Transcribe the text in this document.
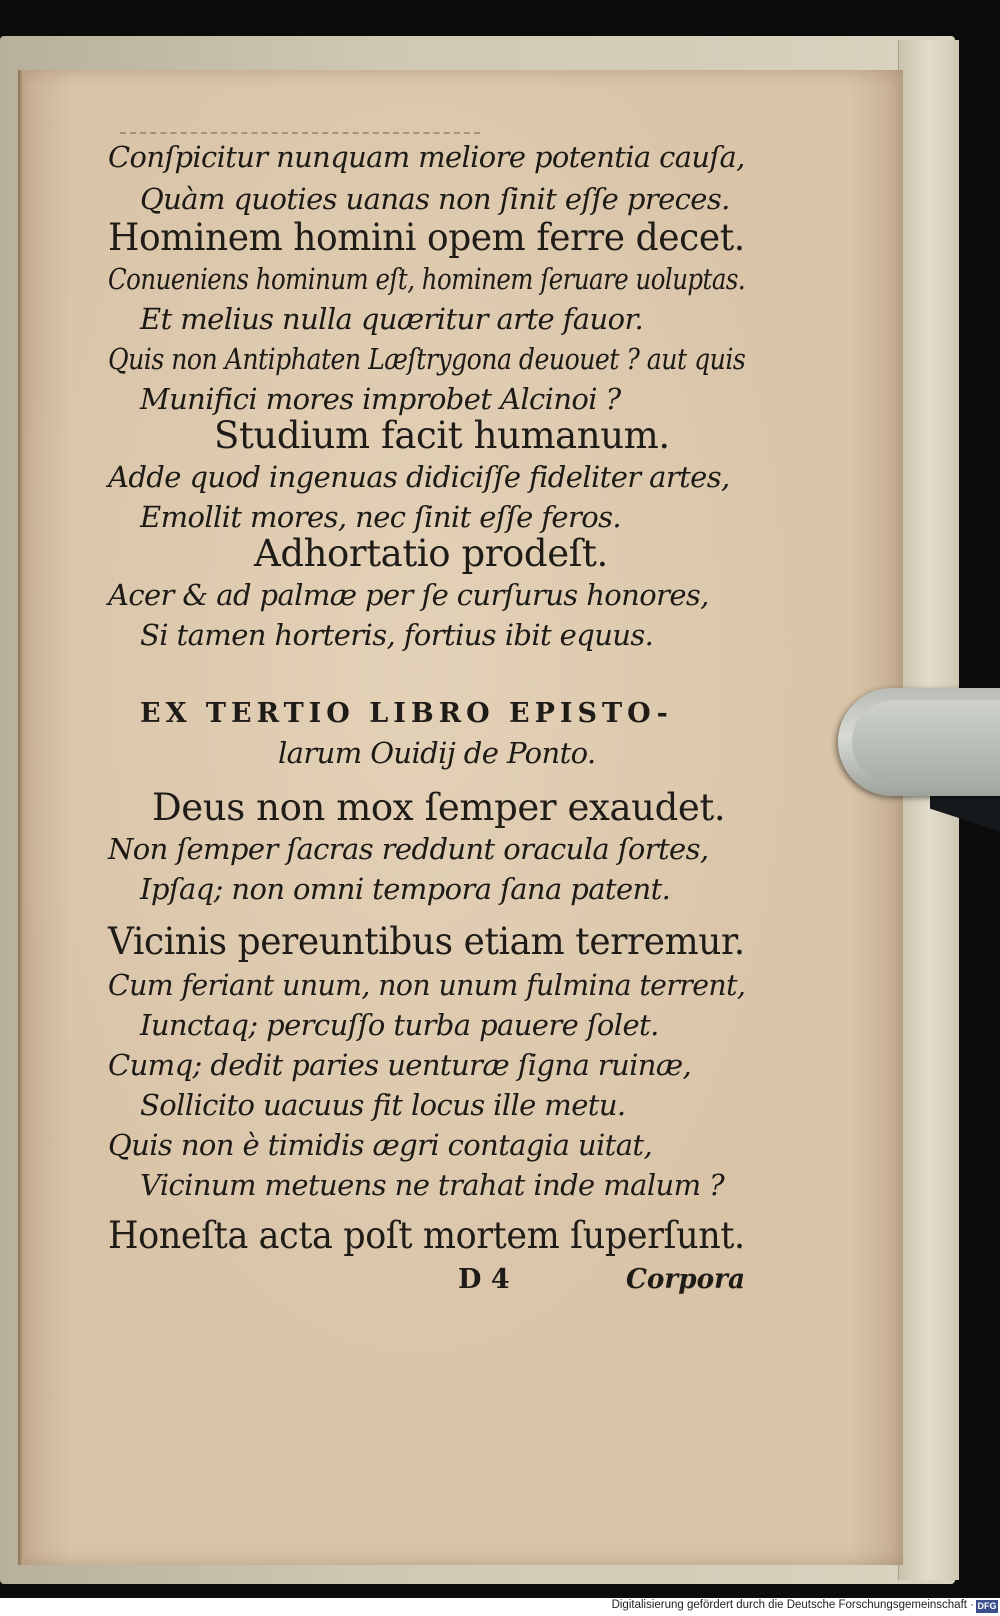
Conſpicitur nunquam meliore potentia cauſa,
Quàm quoties uanas non ſinit eſſe preces.
Hominem homini opem ferre decet.
Conueniens hominum eſt, hominem ſeruare uoluptas.
Et melius nulla quæritur arte fauor.
Quis non Antiphaten Læſtrygona deuouet ? aut quis
Munifici mores improbet Alcinoi ?
Studium facit humanum.
Adde quod ingenuas didiciſſe fideliter artes,
Emollit mores, nec ſinit eſſe feros.
Adhortatio prodeſt.
Acer & ad palmæ per ſe curſurus honores,
Si tamen horteris, fortius ibit equus.
EX TERTIO LIBRO EPISTO-
larum Ouidij de Ponto.
Deus non mox ſemper exaudet.
Non ſemper ſacras reddunt oracula ſortes,
Ipſaq; non omni tempora ſana patent.
Vicinis pereuntibus etiam terremur.
Cum feriant unum, non unum fulmina terrent,
Iunctaq; percuſſo turba pauere ſolet.
Cumq; dedit paries uenturæ ſigna ruinæ,
Sollicito uacuus fit locus ille metu.
Quis non è timidis ægri contagia uitat,
Vicinum metuens ne trahat inde malum ?
Honeſta acta poſt mortem ſuperſunt.
D 4	Corpora
Digitalisierung gefördert durch die Deutsche Forschungsgemeinschaft · DFG
